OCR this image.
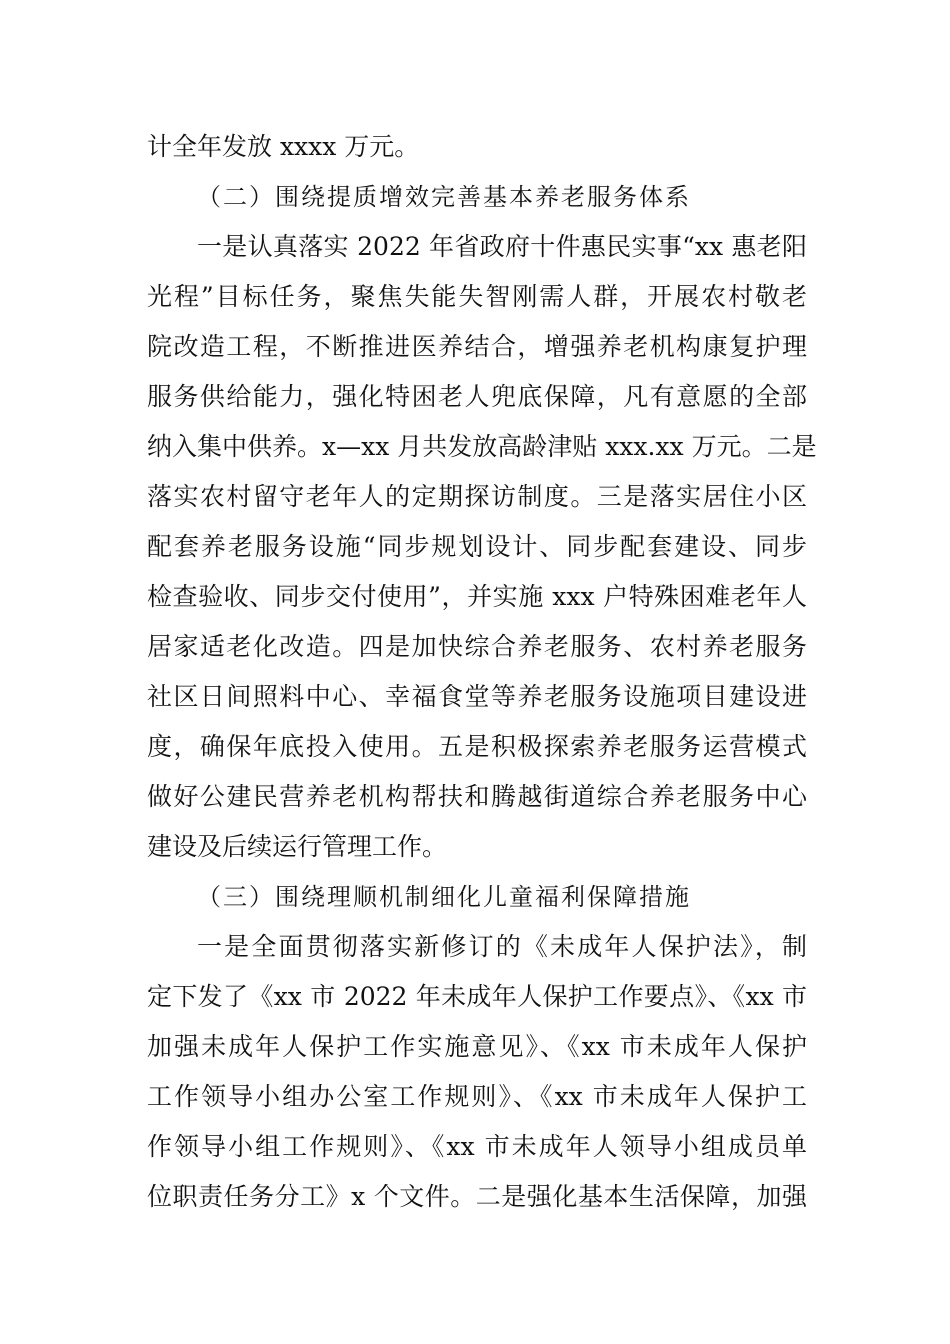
计全年发放 xxxx 万元。
（二）围绕提质增效完善基本养老服务体系
一是认真落实 2022 年省政府十件惠民实事“xx 惠老阳
光程”目标任务，聚焦失能失智刚需人群，开展农村敬老
院改造工程，不断推进医养结合，增强养老机构康复护理
服务供给能力，强化特困老人兜底保障，凡有意愿的全部
纳入集中供养。x—xx 月共发放高龄津贴 xxx.xx 万元。二是
落实农村留守老年人的定期探访制度。三是落实居住小区
配套养老服务设施“同步规划设计、同步配套建设、同步
检查验收、同步交付使用”，并实施 xxx 户特殊困难老年人
居家适老化改造。四是加快综合养老服务、农村养老服务
社区日间照料中心、幸福食堂等养老服务设施项目建设进
度，确保年底投入使用。五是积极探索养老服务运营模式
做好公建民营养老机构帮扶和腾越街道综合养老服务中心
建设及后续运行管理工作。
（三）围绕理顺机制细化儿童福利保障措施
一是全面贯彻落实新修订的《未成年人保护法》，制
定下发了《xx 市 2022 年未成年人保护工作要点》、《xx 市
加强未成年人保护工作实施意见》、《xx 市未成年人保护
工作领导小组办公室工作规则》、《xx 市未成年人保护工
作领导小组工作规则》、《xx 市未成年人领导小组成员单
位职责任务分工》x 个文件。二是强化基本生活保障，加强
